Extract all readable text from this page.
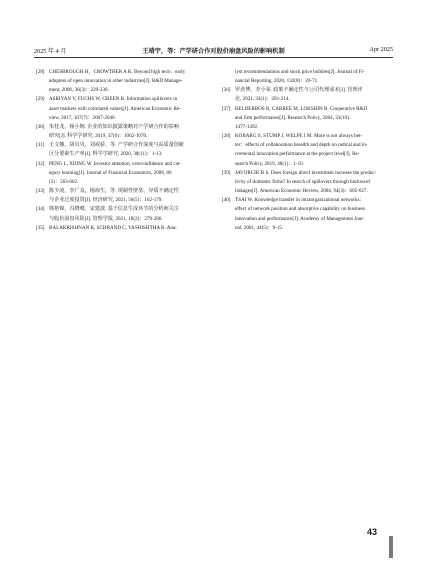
2025 年 4 月	王靖宇，等：产学研合作对股价崩盘风险的影响机制	Apr 2025
[28] CHESBROUGH H，CROWTHER A K. Beyond high tech：early
adopters of open innovation in other industries[J]. R&D Manage-
ment, 2006, 36(3)：229-236.
[29] ASRIYAN V, FUCHS W, GREEN B. Information spillovers in
asset markets with correlated values[J]. American Economic Re-
view, 2017, 107(7)：2007-2040.
[30] 朱桂龙，杨小婉. 企业的知识披露策略对产学研合作的影响
研究[J]. 科学学研究, 2019, 37(6)：1062-1070.
[31] 王文娜，胡贝贝，刘戒骄，等. 产学研合作深度与高质量创新
区分要素生产率[J]. 科学学研究, 2020, 38(11)：1-13.
[32] PENG L, XIONG W. Investor attention, overconfidence and cat-
egory learning[J]. Journal of Financial Economics, 2006, 80
(3)：563-602.
[33] 陈少凌，李广众，杨海生，等. 规制性壁垒、异质不确定性
与企业过度投资[J]. 经济研究, 2021, 56(5)：162-179.
[34] 韩艳锦，冯晓晴，宋建波. 基于信息生成环节的分析师关注
与股价崩盘风险[J]. 管理学报, 2021, 18(2)：279-286.
[35] BALAKRISHNAN K, SCHRAND C, VASHISHTHA R. Ana-
lyst recommendations and stock price bubbles[J]. Journal of Fi-
nancial Reporting, 2020, 132(8)：20-71.
[36] 罗劲博，李小荣. 政策不确定性与公司代理成本[J]. 管理评
论, 2021, 33(1)：201-214.
[37] BELDERBOS R, CARREE M, LOKSHIN B. Cooperative R&D
and firm performance[J]. Research Policy, 2004, 33(10)：
1477-1492.
[38] KOBARG S, STUMP J, WELPE I M. More is not always bet-
ter：effects of collaboration breadth and depth on radical and in-
cremental innovation performance at the project level[J]. Re-
search Policy, 2019, 48(1)：1-10.
[39] JAVORCIK B S. Does foreign direct investment increase the produc-
tivity of domestic firms? In search of spillovers through backward
linkages[J]. American Economic Review, 2004, 94(3)：605-627.
[40] TSAI W. Knowledge transfer in intraorganizational networks：
effect of network position and absorptive capability on business
innovation and performance[J]. Academy of Management Jour-
nal, 2001, 44(5)：9-15.
43
